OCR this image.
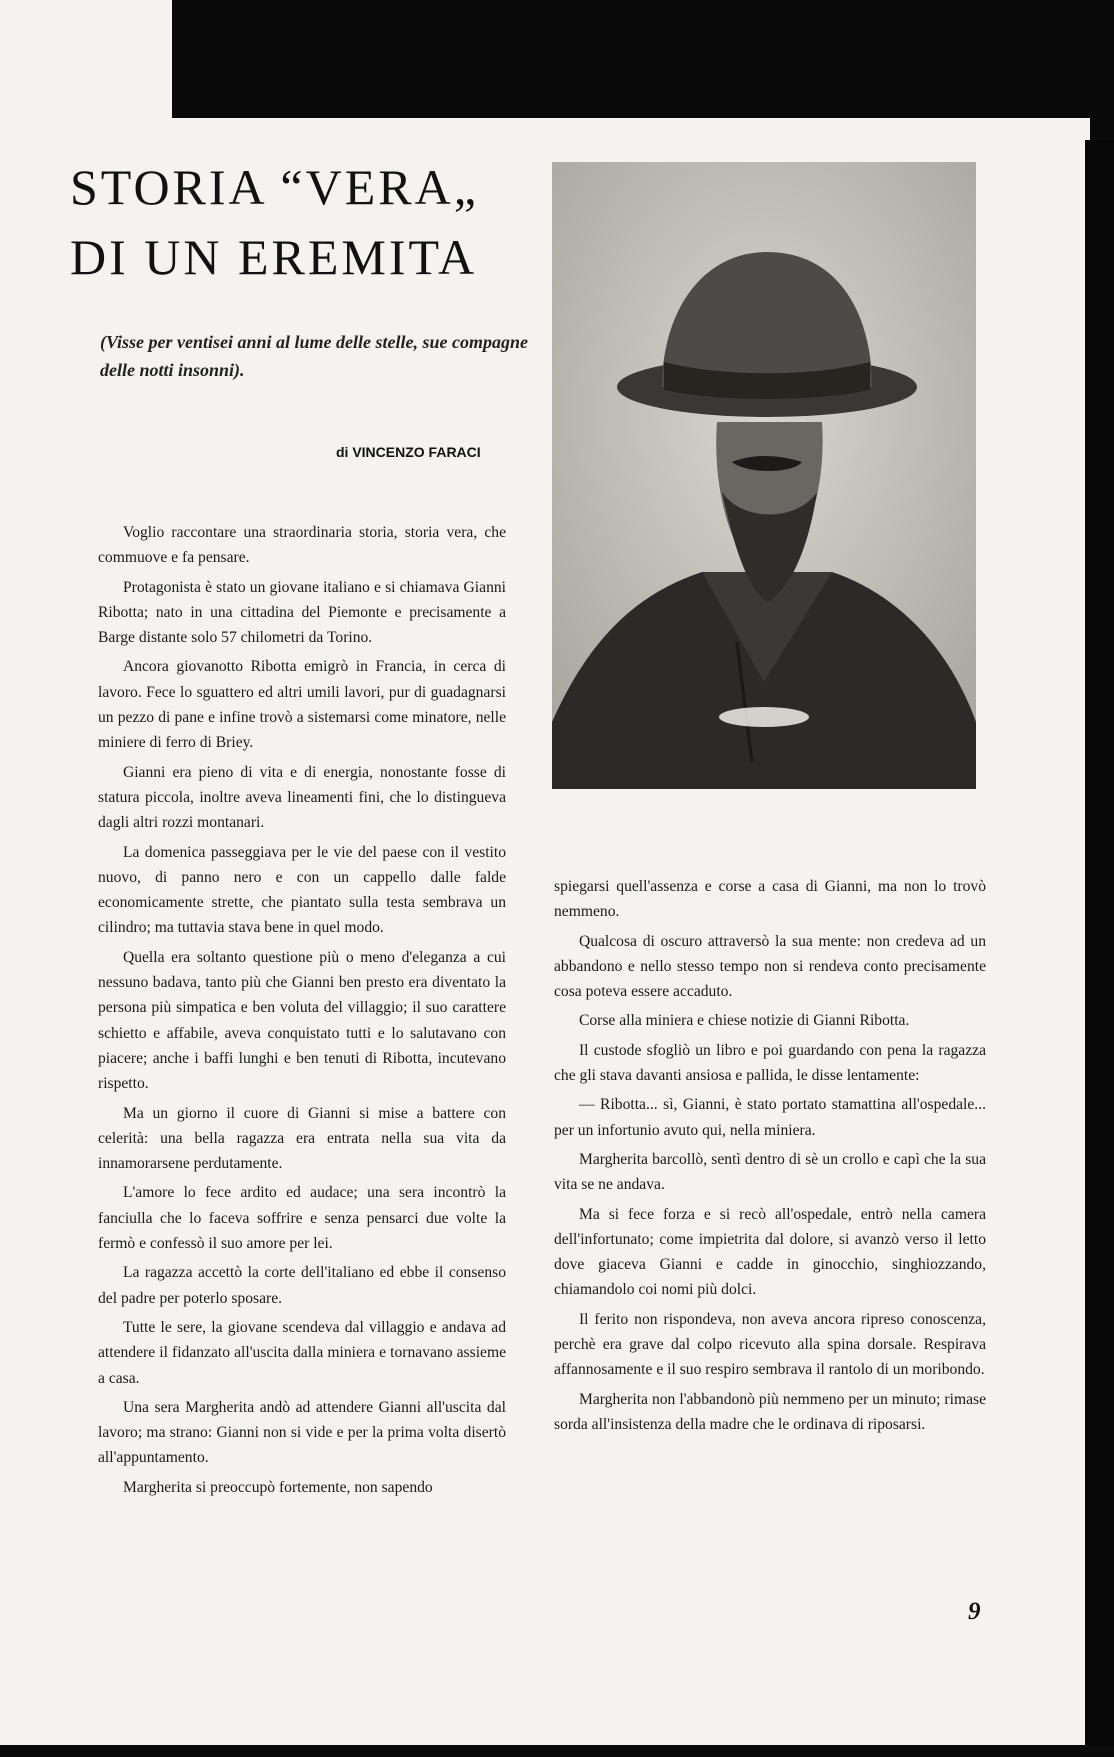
STORIA “VERA„
DI UN EREMITA

(Visse per ventisei anni al lume delle stelle, sue compagne delle notti insonni).

di VINCENZO FARACI

Voglio raccontare una straordinaria storia, storia vera, che commuove e fa pensare.

Protagonista è stato un giovane italiano e si chiamava Gianni Ribotta; nato in una cittadina del Piemonte e precisamente a Barge distante solo 57 chilometri da Torino.

Ancora giovanotto Ribotta emigrò in Francia, in cerca di lavoro. Fece lo sguattero ed altri umili lavori, pur di guadagnarsi un pezzo di pane e infine trovò a sistemarsi come minatore, nelle miniere di ferro di Briey.

Gianni era pieno di vita e di energia, nonostante fosse di statura piccola, inoltre aveva lineamenti fini, che lo distingueva dagli altri rozzi montanari.

La domenica passeggiava per le vie del paese con il vestito nuovo, di panno nero e con un cappello dalle falde economicamente strette, che piantato sulla testa sembrava un cilindro; ma tuttavia stava bene in quel modo.

Quella era soltanto questione più o meno d'eleganza a cui nessuno badava, tanto più che Gianni ben presto era diventato la persona più simpatica e ben voluta del villaggio; il suo carattere schietto e affabile, aveva conquistato tutti e lo salutavano con piacere; anche i baffi lunghi e ben tenuti di Ribotta, incutevano rispetto.

Ma un giorno il cuore di Gianni si mise a battere con celerità: una bella ragazza era entrata nella sua vita da innamorarsene perdutamente.

L'amore lo fece ardito ed audace; una sera incontrò la fanciulla che lo faceva soffrire e senza pensarci due volte la fermò e confessò il suo amore per lei.

La ragazza accettò la corte dell'italiano ed ebbe il consenso del padre per poterlo sposare.

Tutte le sere, la giovane scendeva dal villaggio e andava ad attendere il fidanzato all'uscita dalla miniera e tornavano assieme a casa.

Una sera Margherita andò ad attendere Gianni all'uscita dal lavoro; ma strano: Gianni non si vide e per la prima volta disertò all'appuntamento.

Margherita si preoccupò fortemente, non sapendo

spiegarsi quell'assenza e corse a casa di Gianni, ma non lo trovò nemmeno.

Qualcosa di oscuro attraversò la sua mente: non credeva ad un abbandono e nello stesso tempo non si rendeva conto precisamente cosa poteva essere accaduto.

Corse alla miniera e chiese notizie di Gianni Ribotta.

Il custode sfogliò un libro e poi guardando con pena la ragazza che gli stava davanti ansiosa e pallida, le disse lentamente:

— Ribotta... sì, Gianni, è stato portato stamattina all'ospedale... per un infortunio avuto qui, nella miniera.

Margherita barcollò, sentì dentro di sè un crollo e capì che la sua vita se ne andava.

Ma si fece forza e si recò all'ospedale, entrò nella camera dell'infortunato; come impietrita dal dolore, si avanzò verso il letto dove giaceva Gianni e cadde in ginocchio, singhiozzando, chiamandolo coi nomi più dolci.

Il ferito non rispondeva, non aveva ancora ripreso conoscenza, perchè era grave dal colpo ricevuto alla spina dorsale. Respirava affannosamente e il suo respiro sembrava il rantolo di un moribondo.

Margherita non l'abbandonò più nemmeno per un minuto; rimase sorda all'insistenza della madre che le ordinava di riposarsi.

9
